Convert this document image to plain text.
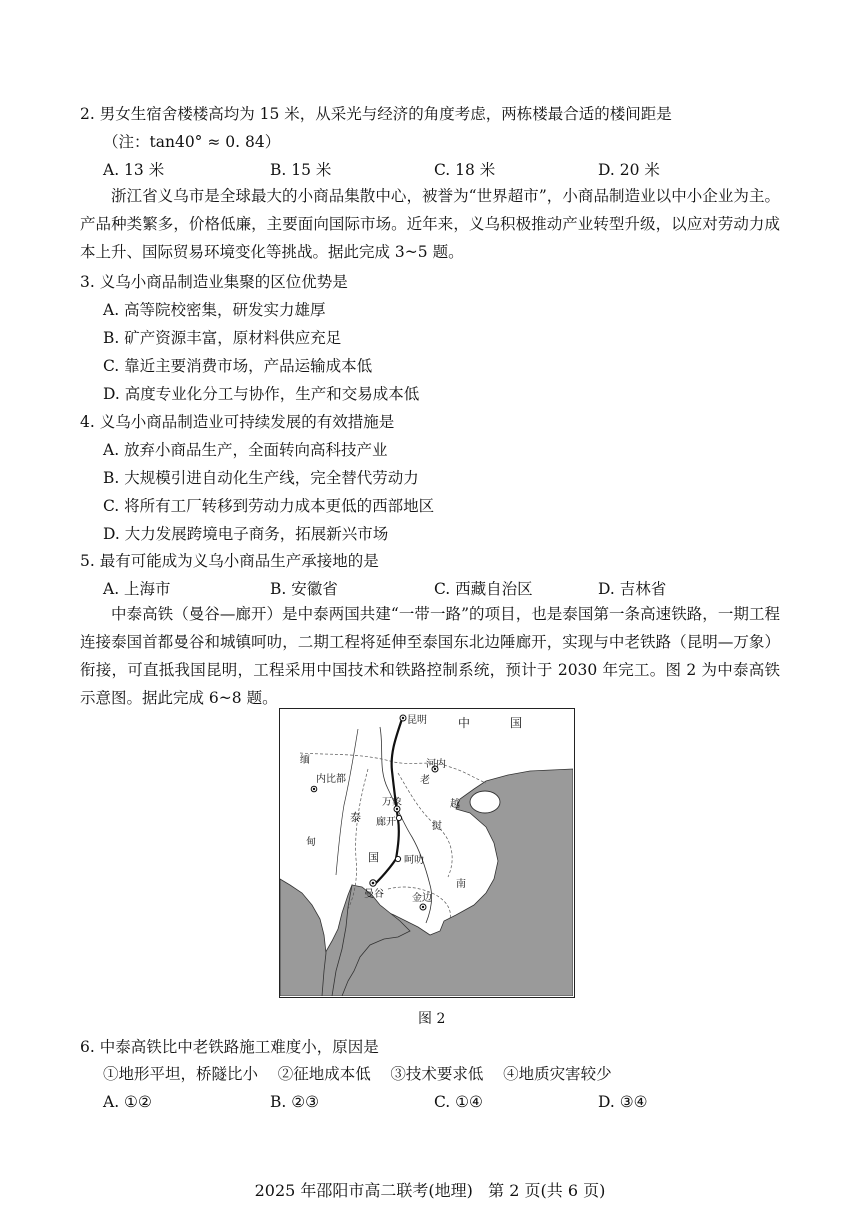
2. 男女生宿舍楼楼高均为 15 米，从采光与经济的角度考虑，两栋楼最合适的楼间距是
（注：tan40° ≈ 0. 84）
A. 13 米	B. 15 米	C. 18 米	D. 20 米
浙江省义乌市是全球最大的小商品集散中心，被誉为“世界超市”，小商品制造业以中小企业为主。产品种类繁多，价格低廉，主要面向国际市场。近年来，义乌积极推动产业转型升级，以应对劳动力成本上升、国际贸易环境变化等挑战。据此完成 3~5 题。
3. 义乌小商品制造业集聚的区位优势是
A. 高等院校密集，研发实力雄厚
B. 矿产资源丰富，原材料供应充足
C. 靠近主要消费市场，产品运输成本低
D. 高度专业化分工与协作，生产和交易成本低
4. 义乌小商品制造业可持续发展的有效措施是
A. 放弃小商品生产，全面转向高科技产业
B. 大规模引进自动化生产线，完全替代劳动力
C. 将所有工厂转移到劳动力成本更低的西部地区
D. 大力发展跨境电子商务，拓展新兴市场
5. 最有可能成为义乌小商品生产承接地的是
A. 上海市	B. 安徽省	C. 西藏自治区	D. 吉林省
中泰高铁（曼谷—廊开）是中泰两国共建“一带一路”的项目，也是泰国第一条高速铁路，一期工程连接泰国首都曼谷和城镇呵叻，二期工程将延伸至泰国东北边陲廊开，实现与中老铁路（昆明—万象）衔接，可直抵我国昆明，工程采用中国技术和铁路控制系统，预计于 2030 年完工。图 2 为中泰高铁示意图。据此完成 6~8 题。
昆明	中	国
缅
甸
内比都	老
挝
河内
越
南
泰
国
万象
廊开
呵叻
曼谷	金边
图 2
6. 中泰高铁比中老铁路施工难度小，原因是
①地形平坦，桥隧比小    ②征地成本低    ③技术要求低    ④地质灾害较少
A. ①②	B. ②③	C. ①④	D. ③④
2025 年邵阳市高二联考(地理)   第 2 页(共 6 页)
